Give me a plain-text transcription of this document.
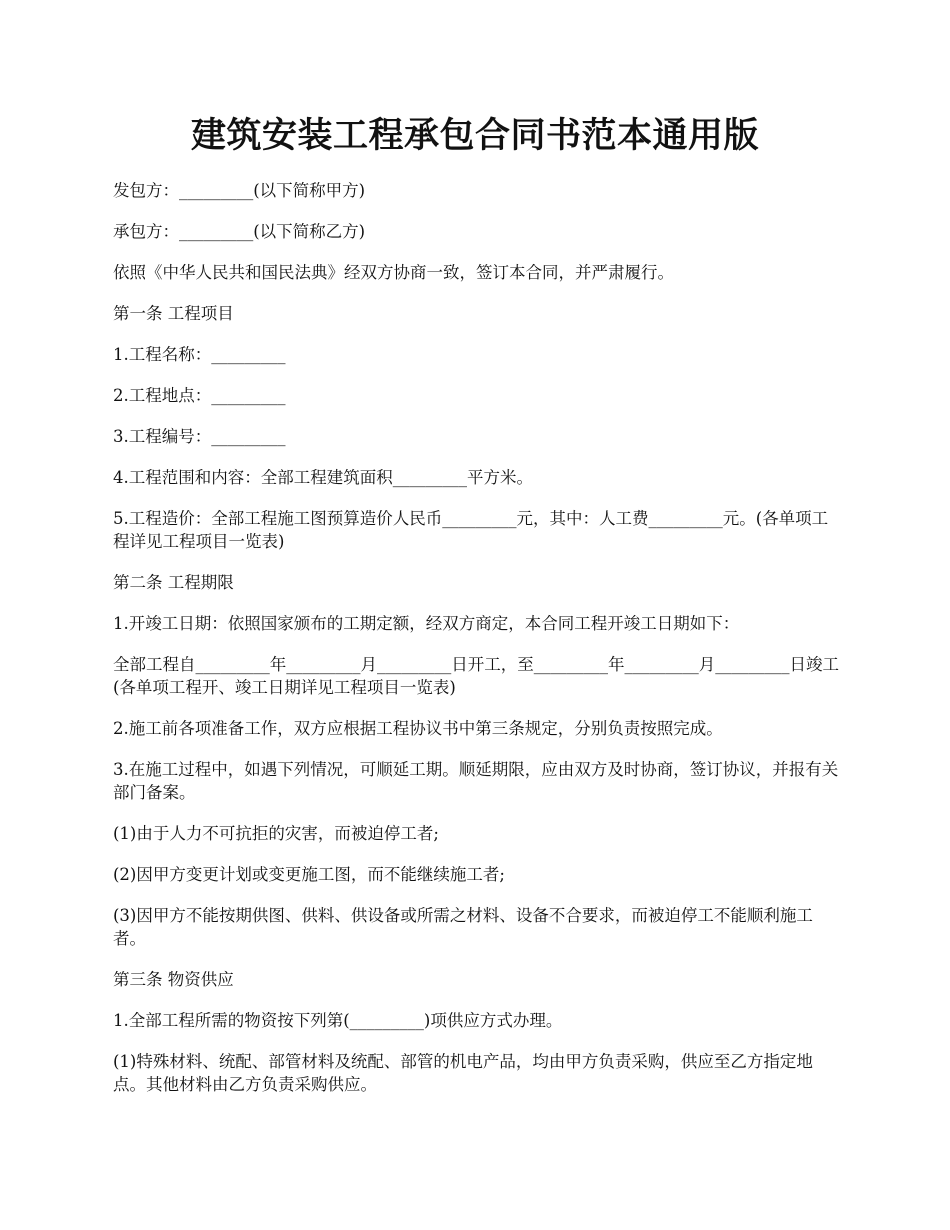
建筑安装工程承包合同书范本通用版

发包方：_________(以下简称甲方)

承包方：_________(以下简称乙方)

依照《中华人民共和国民法典》经双方协商一致，签订本合同，并严肃履行。

第一条 工程项目

1.工程名称：_________

2.工程地点：_________

3.工程编号：_________

4.工程范围和内容：全部工程建筑面积_________平方米。

5.工程造价：全部工程施工图预算造价人民币_________元，其中：人工费_________元。(各单项工程详见工程项目一览表)

第二条 工程期限

1.开竣工日期：依照国家颁布的工期定额，经双方商定，本合同工程开竣工日期如下：

全部工程自_________年_________月_________日开工，至_________年_________月_________日竣工(各单项工程开、竣工日期详见工程项目一览表)

2.施工前各项准备工作，双方应根据工程协议书中第三条规定，分别负责按照完成。

3.在施工过程中，如遇下列情况，可顺延工期。顺延期限，应由双方及时协商，签订协议，并报有关部门备案。

(1)由于人力不可抗拒的灾害，而被迫停工者;

(2)因甲方变更计划或变更施工图，而不能继续施工者;

(3)因甲方不能按期供图、供料、供设备或所需之材料、设备不合要求，而被迫停工不能顺利施工者。

第三条 物资供应

1.全部工程所需的物资按下列第(_________)项供应方式办理。

(1)特殊材料、统配、部管材料及统配、部管的机电产品，均由甲方负责采购，供应至乙方指定地点。其他材料由乙方负责采购供应。
